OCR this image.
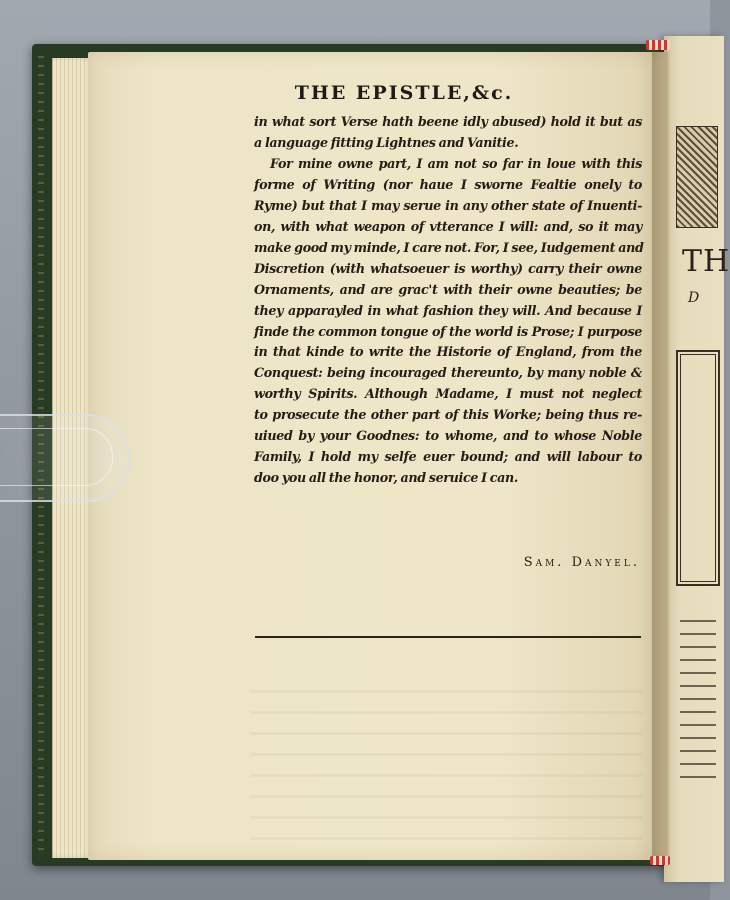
TH
D
THE EPISTLE,&c.
in what sort Verse hath beene idly abused) hold it but as
a language fitting Lightnes and Vanitie.
For mine owne part, I am not so far in loue with this
forme of Writing (nor haue I sworne Fealtie onely to
Ryme) but that I may serue in any other state of Inuenti-
on, with what weapon of vtterance I will: and, so it may
make good my minde, I care not. For, I see, Iudgement and
Discretion (with whatsoeuer is worthy) carry their owne
Ornaments, and are grac't with their owne beauties; be
they apparayled in what fashion they will. And because I
finde the common tongue of the world is Prose; I purpose
in that kinde to write the Historie of England, from the
Conquest: being incouraged thereunto, by many noble &
worthy Spirits. Although Madame, I must not neglect
to prosecute the other part of this Worke; being thus re-
uiued by your Goodnes: to whome, and to whose Noble
Family, I hold my selfe euer bound; and will labour to
doo you all the honor, and seruice I can.
Sam. Danyel.
